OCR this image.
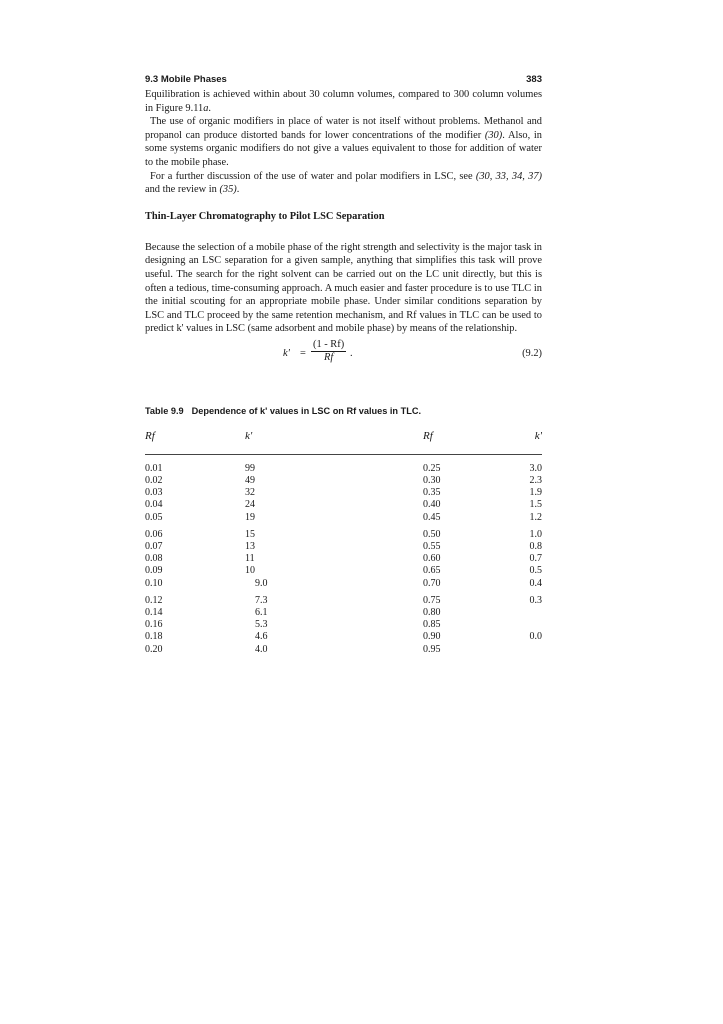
9.3 Mobile Phases	383

Equilibration is achieved within about 30 column volumes, compared to 300 column volumes in Figure 9.11a.

The use of organic modifiers in place of water is not itself without problems. Methanol and propanol can produce distorted bands for lower concentrations of the modifier (30). Also, in some systems organic modifiers do not give a values equivalent to those for addition of water to the mobile phase.

For a further discussion of the use of water and polar modifiers in LSC, see (30, 33, 34, 37) and the review in (35).

Thin-Layer Chromatography to Pilot LSC Separation

Because the selection of a mobile phase of the right strength and selectivity is the major task in designing an LSC separation for a given sample, anything that simplifies this task will prove useful. The search for the right solvent can be carried out on the LC unit directly, but this is often a tedious, time-consuming approach. A much easier and faster procedure is to use TLC in the initial scouting for an appropriate mobile phase. Under similar conditions separation by LSC and TLC proceed by the same retention mechanism, and Rf values in TLC can be used to predict k' values in LSC (same adsorbent and mobile phase) by means of the relationship.

$k' = \frac{(1 - Rf)}{Rf}$ .	(9.2)
Table 9.9 Dependence of k' values in LSC on Rf values in TLC.
Rf	k'	Rf	k'
0.01	99	0.25	3.0
0.02	49	0.30	2.3
0.03	32	0.35	1.9
0.04	24	0.40	1.5
0.05	19	0.45	1.2
0.06	15	0.50	1.0
0.07	13	0.55	0.8
0.08	11	0.60	0.7
0.09	10	0.65	0.5
0.10	9.0	0.70	0.4
0.12	7.3	0.75	0.3
0.14	6.1	0.80
0.16	5.3	0.85
0.18	4.6	0.90	0.0
0.20	4.0	0.95
